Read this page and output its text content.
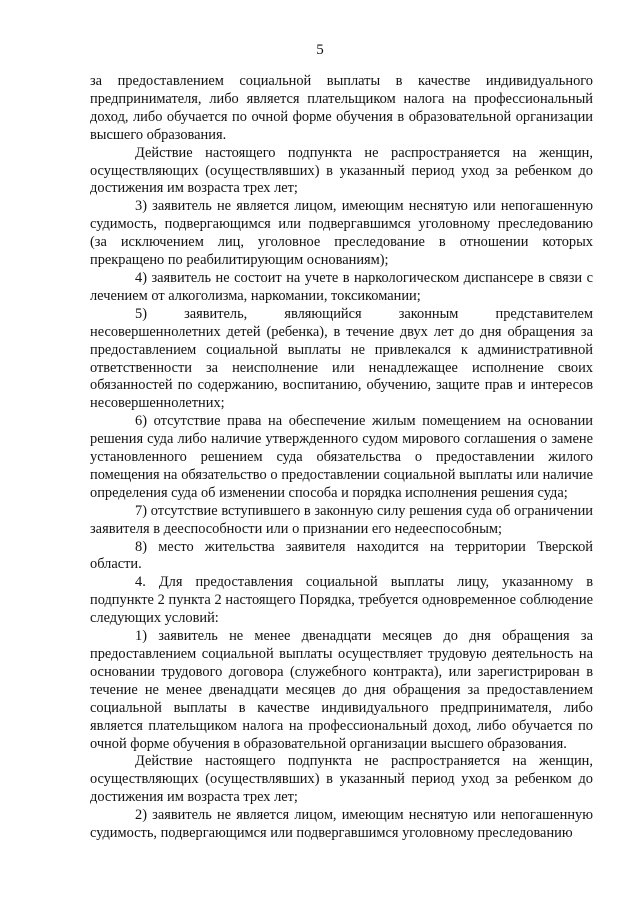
5

за предоставлением социальной выплаты в качестве индивидуального предпринимателя, либо является плательщиком налога на профессиональный доход, либо обучается по очной форме обучения в образовательной организации высшего образования.

Действие настоящего подпункта не распространяется на женщин, осуществляющих (осуществлявших) в указанный период уход за ребенком до достижения им возраста трех лет;

3) заявитель не является лицом, имеющим неснятую или непогашенную судимость, подвергающимся или подвергавшимся уголовному преследованию (за исключением лиц, уголовное преследование в отношении которых прекращено по реабилитирующим основаниям);

4) заявитель не состоит на учете в наркологическом диспансере в связи с лечением от алкоголизма, наркомании, токсикомании;

5) заявитель, являющийся законным представителем несовершеннолетних детей (ребенка), в течение двух лет до дня обращения за предоставлением социальной выплаты не привлекался к административной ответственности за неисполнение или ненадлежащее исполнение своих обязанностей по содержанию, воспитанию, обучению, защите прав и интересов несовершеннолетних;

6) отсутствие права на обеспечение жилым помещением на основании решения суда либо наличие утвержденного судом мирового соглашения о замене установленного решением суда обязательства о предоставлении жилого помещения на обязательство о предоставлении социальной выплаты или наличие определения суда об изменении способа и порядка исполнения решения суда;

7) отсутствие вступившего в законную силу решения суда об ограничении заявителя в дееспособности или о признании его недееспособным;

8) место жительства заявителя находится на территории Тверской области.

4. Для предоставления социальной выплаты лицу, указанному в подпункте 2 пункта 2 настоящего Порядка, требуется одновременное соблюдение следующих условий:

1) заявитель не менее двенадцати месяцев до дня обращения за предоставлением социальной выплаты осуществляет трудовую деятельность на основании трудового договора (служебного контракта), или зарегистрирован в течение не менее двенадцати месяцев до дня обращения за предоставлением социальной выплаты в качестве индивидуального предпринимателя, либо является плательщиком налога на профессиональный доход, либо обучается по очной форме обучения в образовательной организации высшего образования.

Действие настоящего подпункта не распространяется на женщин, осуществляющих (осуществлявших) в указанный период уход за ребенком до достижения им возраста трех лет;

2) заявитель не является лицом, имеющим неснятую или непогашенную судимость, подвергающимся или подвергавшимся уголовному преследованию
